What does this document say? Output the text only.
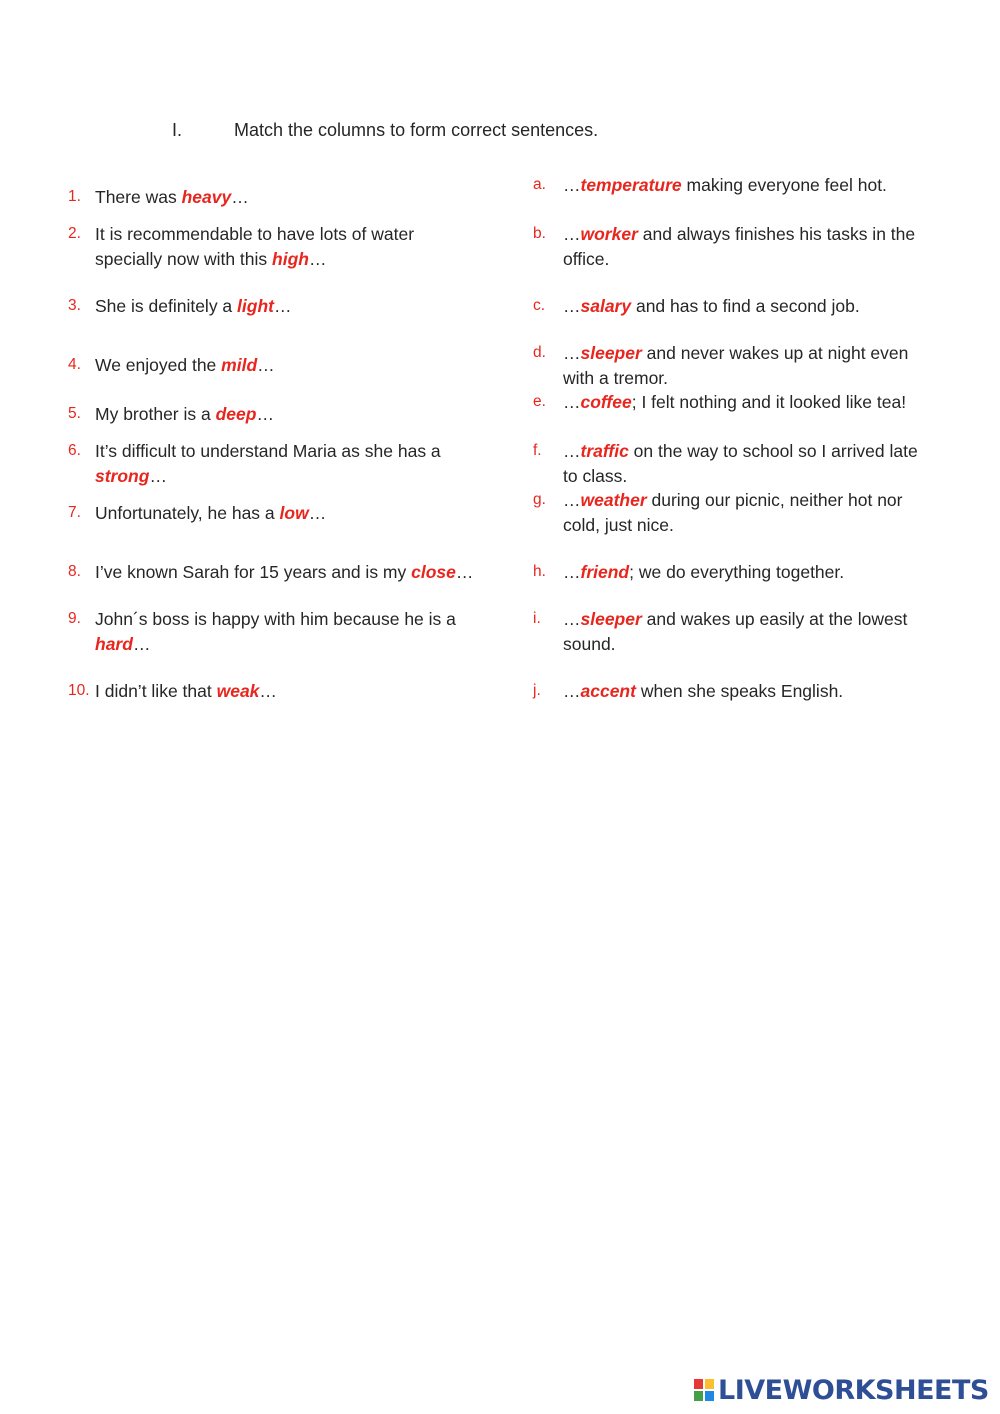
I.	Match the columns to form correct sentences.
1. There was heavy…
2. It is recommendable to have lots of water specially now with this high…
3. She is definitely a light…
4. We enjoyed the mild…
5. My brother is a deep…
6. It’s difficult to understand Maria as she has a strong…
7. Unfortunately, he has a low…
8. I’ve known Sarah for 15 years and is my close…
9. John´s boss is happy with him because he is a hard…
10. I didn’t like that weak…
a. …temperature making everyone feel hot.
b. …worker and always finishes his tasks in the office.
c. …salary and has to find a second job.
d. …sleeper and never wakes up at night even with a tremor.
e. …coffee; I felt nothing and it looked like tea!
f. …traffic on the way to school so I arrived late to class.
g. …weather during our picnic, neither hot nor cold, just nice.
h. …friend; we do everything together.
i. …sleeper and wakes up easily at the lowest sound.
j. …accent when she speaks English.
LIVEWORKSHEETS
